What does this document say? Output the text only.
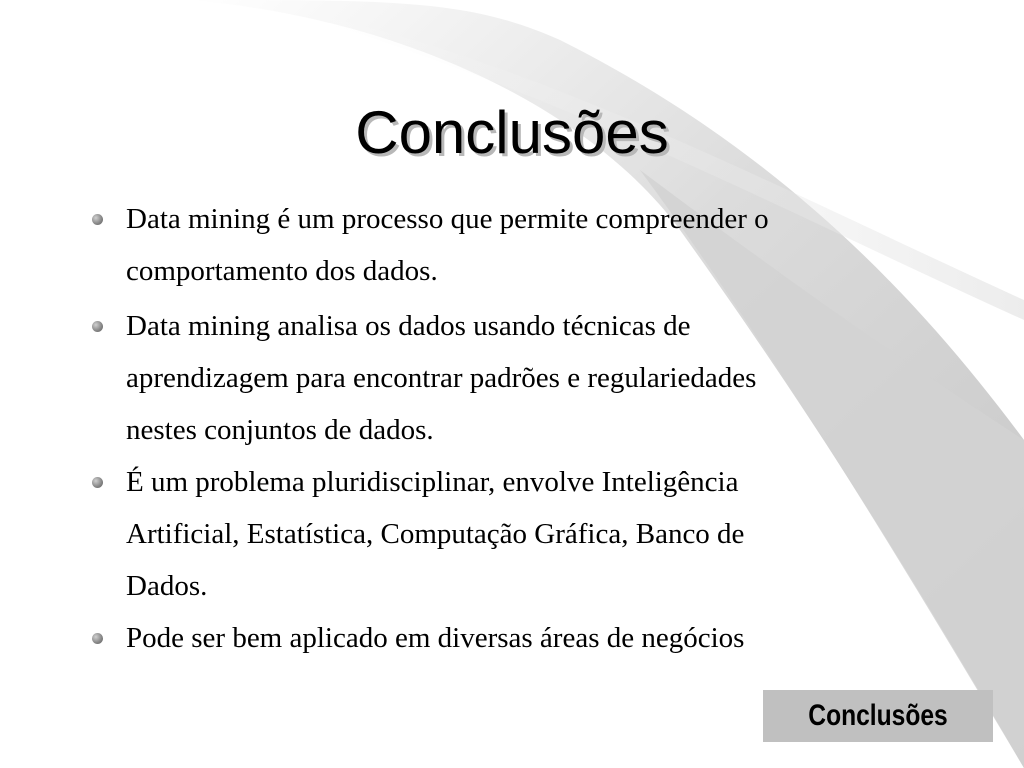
Conclusões
Data mining é um processo que permite compreender o
comportamento dos dados.
Data mining analisa os dados usando técnicas de
aprendizagem para encontrar padrões e regulariedades
nestes conjuntos de dados.
É um problema pluridisciplinar, envolve Inteligência
Artificial, Estatística, Computação Gráfica, Banco de
Dados.
Pode ser bem aplicado em diversas áreas de negócios
Conclusões
